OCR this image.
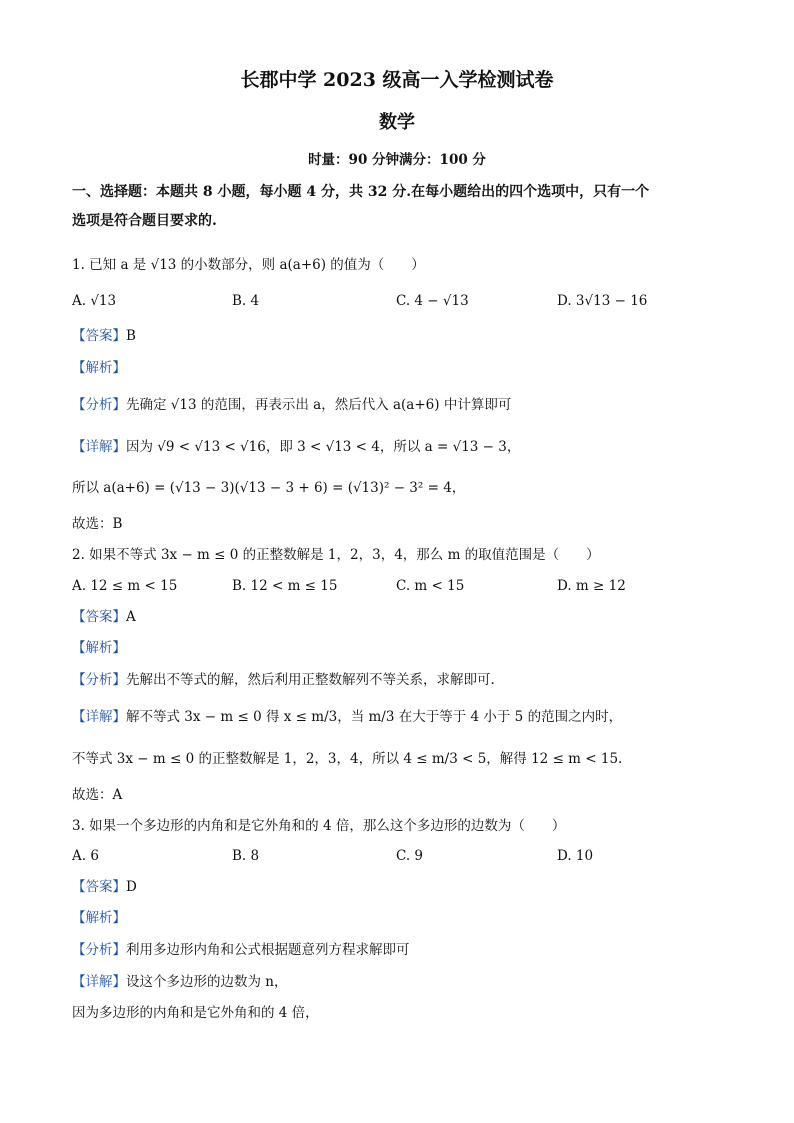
长郡中学 2023 级高一入学检测试卷
数学
时量：90 分钟满分：100 分
一、选择题：本题共 8 小题，每小题 4 分，共 32 分.在每小题给出的四个选项中，只有一个
选项是符合题目要求的.
1. 已知 a 是 √13 的小数部分，则 a(a+6) 的值为（　　）
A. √13	B. 4	C. 4 − √13	D. 3√13 − 16
【答案】B
【解析】
【分析】先确定 √13 的范围，再表示出 a，然后代入 a(a+6) 中计算即可
【详解】因为 √9 < √13 < √16，即 3 < √13 < 4，所以 a = √13 − 3，
所以 a(a+6) = (√13 − 3)(√13 − 3 + 6) = (√13)² − 3² = 4，
故选：B
2. 如果不等式 3x − m ≤ 0 的正整数解是 1，2，3，4，那么 m 的取值范围是（　　）
A. 12 ≤ m < 15	B. 12 < m ≤ 15	C. m < 15	D. m ≥ 12
【答案】A
【解析】
【分析】先解出不等式的解，然后利用正整数解列不等关系，求解即可.
【详解】解不等式 3x − m ≤ 0 得 x ≤ m/3，当 m/3 在大于等于 4 小于 5 的范围之内时，
不等式 3x − m ≤ 0 的正整数解是 1，2，3，4，所以 4 ≤ m/3 < 5，解得 12 ≤ m < 15.
故选：A
3. 如果一个多边形的内角和是它外角和的 4 倍，那么这个多边形的边数为（　　）
A. 6	B. 8	C. 9	D. 10
【答案】D
【解析】
【分析】利用多边形内角和公式根据题意列方程求解即可
【详解】设这个多边形的边数为 n，
因为多边形的内角和是它外角和的 4 倍，
